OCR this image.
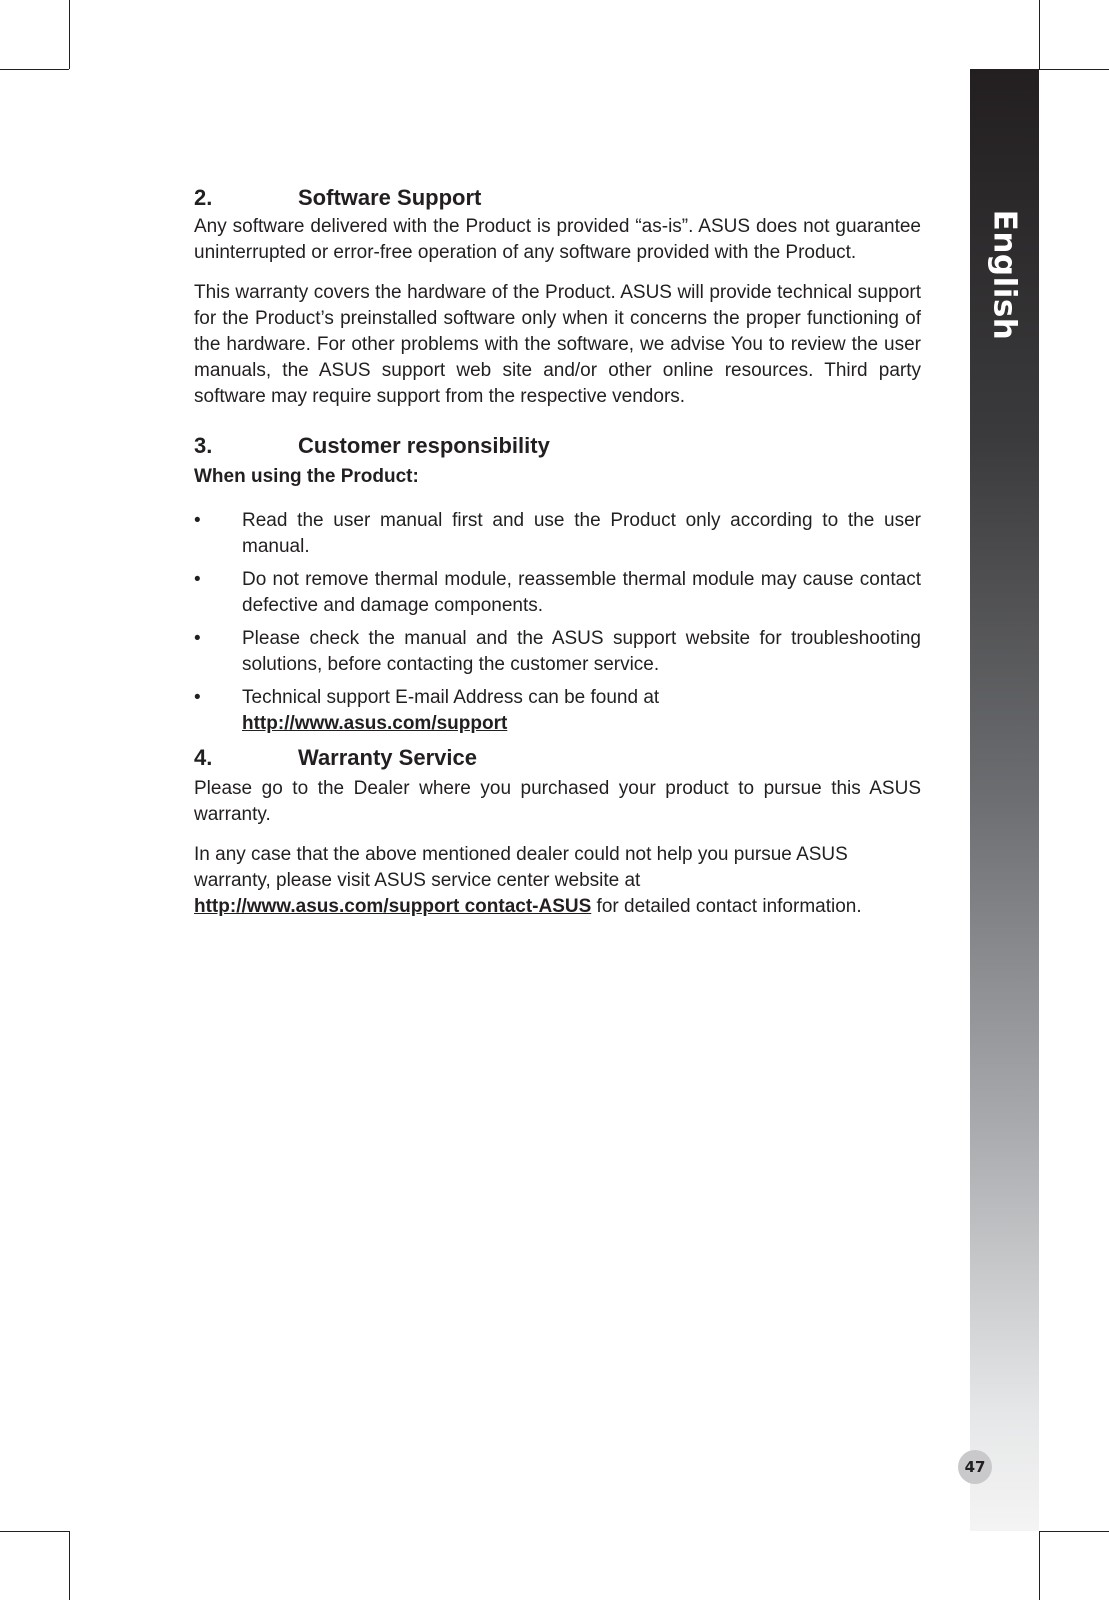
English
2.	Software Support

Any software delivered with the Product is provided “as-is”. ASUS does not guarantee uninterrupted or error-free operation of any software provided with the Product.

This warranty covers the hardware of the Product. ASUS will provide technical support for the Product’s preinstalled software only when it concerns the proper functioning of the hardware. For other problems with the software, we advise You to review the user manuals, the ASUS support web site and/or other online resources. Third party software may require support from the respective vendors.

3.	Customer responsibility
When using the Product:
•	Read the user manual first and use the Product only according to the user manual.
•	Do not remove thermal module, reassemble thermal module may cause contact defective and damage components.
•	Please check the manual and the ASUS support website for troubleshooting solutions, before contacting the customer service.
•	Technical support E-mail Address can be found at
http://www.asus.com/support
4.	Warranty Service

Please go to the Dealer where you purchased your product to pursue this ASUS warranty.

In any case that the above mentioned dealer could not help you pursue ASUS warranty, please visit ASUS service center website at
http://www.asus.com/support contact-ASUS for detailed contact information.

47
